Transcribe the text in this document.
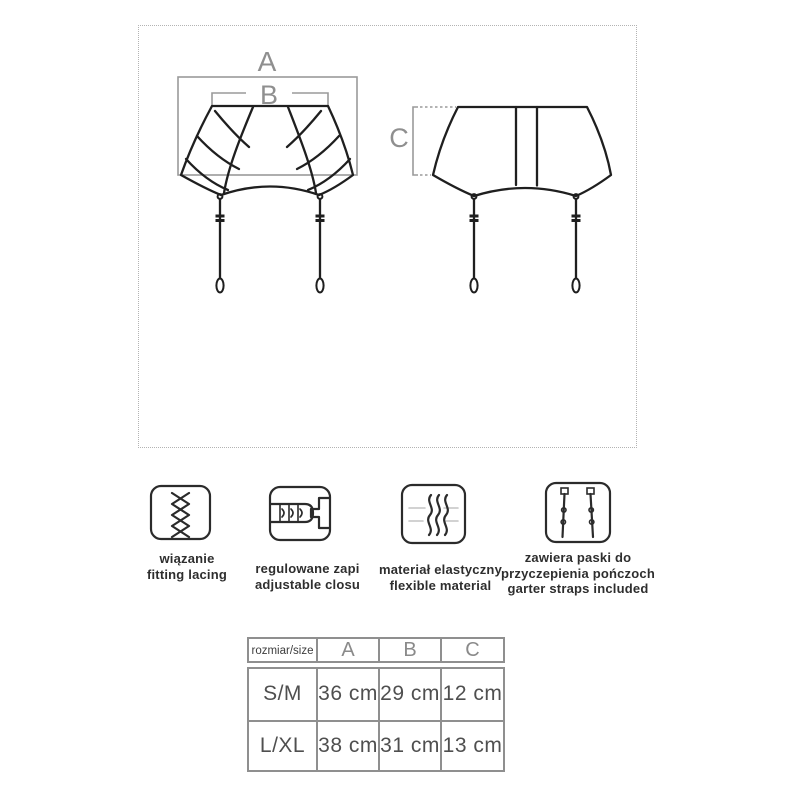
A
B
C
wiązanie
fitting lacing	regulowane zapi
adjustable closu
materiał elastyczny
flexible material
zawiera paski do
przyczepienia pończoch
garter straps included
rozmiar/size	A	B	C
S/M 36 cm 29 cm 12 cm
L/XL 38 cm 31 cm 13 cm
